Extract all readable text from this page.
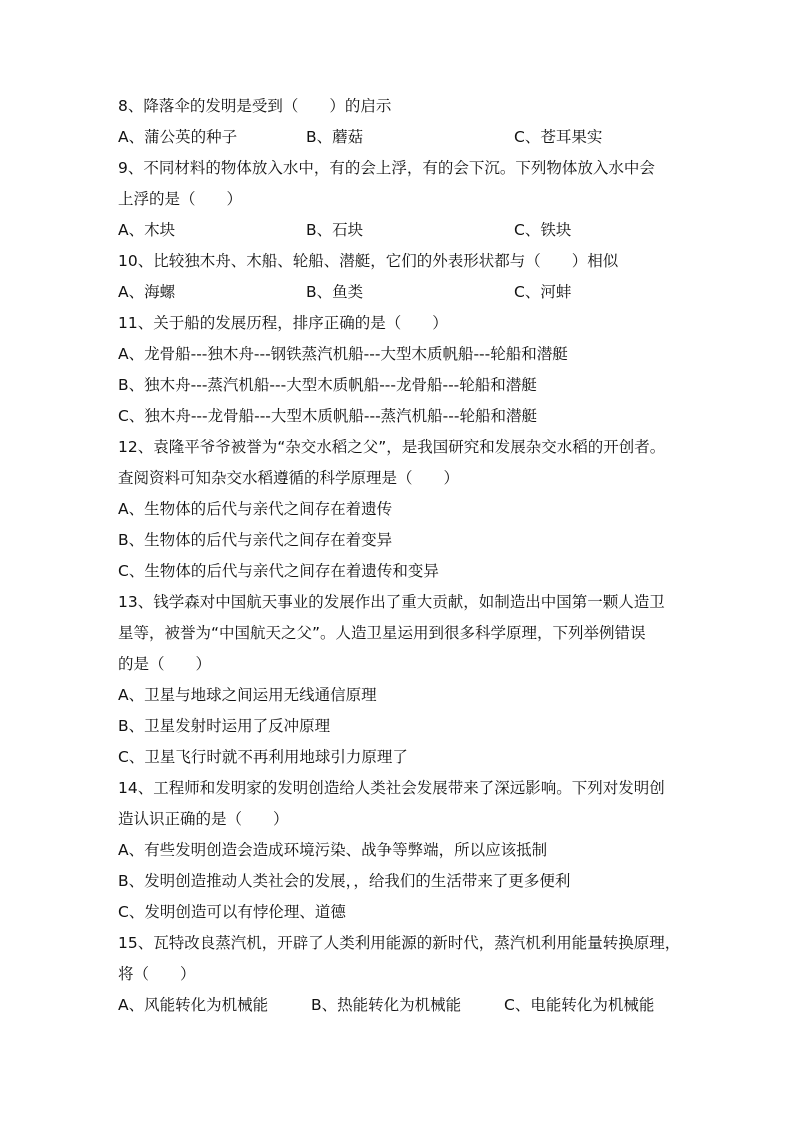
8、降落伞的发明是受到（　　）的启示
A、蒲公英的种子	B、蘑菇	C、苍耳果实
9、不同材料的物体放入水中，有的会上浮，有的会下沉。下列物体放入水中会
上浮的是（　　）
A、木块	B、石块	C、铁块
10、比较独木舟、木船、轮船、潜艇，它们的外表形状都与（　　）相似
A、海螺	B、鱼类	C、河蚌
11、关于船的发展历程，排序正确的是（　　）
A、龙骨船---独木舟---钢铁蒸汽机船---大型木质帆船---轮船和潜艇
B、独木舟---蒸汽机船---大型木质帆船---龙骨船---轮船和潜艇
C、独木舟---龙骨船---大型木质帆船---蒸汽机船---轮船和潜艇
12、袁隆平爷爷被誉为“杂交水稻之父”，是我国研究和发展杂交水稻的开创者。
查阅资料可知杂交水稻遵循的科学原理是（　　）
A、生物体的后代与亲代之间存在着遗传
B、生物体的后代与亲代之间存在着变异
C、生物体的后代与亲代之间存在着遗传和变异
13、钱学森对中国航天事业的发展作出了重大贡献，如制造出中国第一颗人造卫
星等，被誉为“中国航天之父”。人造卫星运用到很多科学原理，下列举例错误
的是（　　）
A、卫星与地球之间运用无线通信原理
B、卫星发射时运用了反冲原理
C、卫星飞行时就不再利用地球引力原理了
14、工程师和发明家的发明创造给人类社会发展带来了深远影响。下列对发明创
造认识正确的是（　　）
A、有些发明创造会造成环境污染、战争等弊端，所以应该抵制
B、发明创造推动人类社会的发展，，给我们的生活带来了更多便利
C、发明创造可以有悖伦理、道德
15、瓦特改良蒸汽机，开辟了人类利用能源的新时代，蒸汽机利用能量转换原理，
将（　　）
A、风能转化为机械能	B、热能转化为机械能	C、电能转化为机械能
